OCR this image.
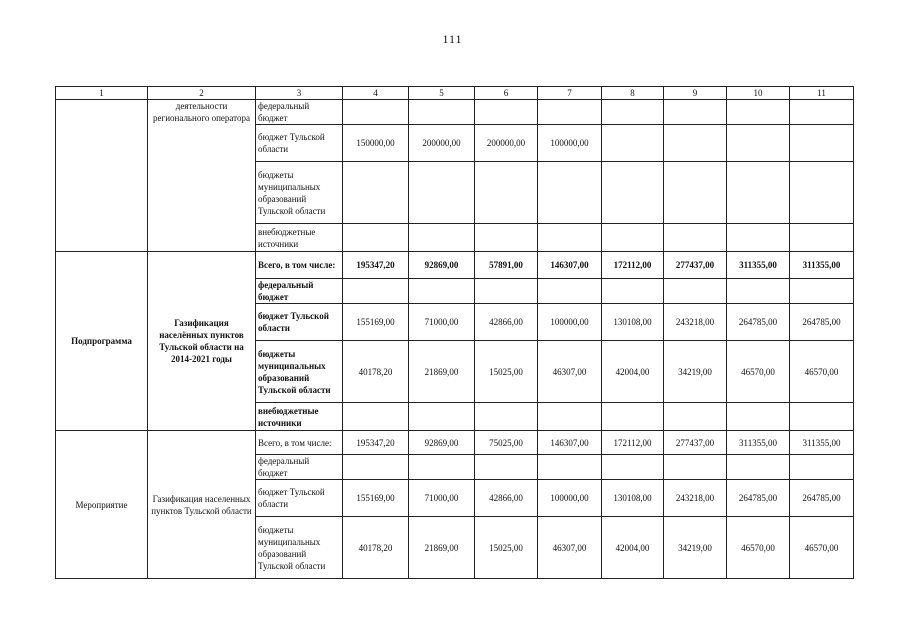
111
1	2	3	4	5	6	7	8	9	10	11
	деятельности регионального оператора	федеральный бюджет								
		бюджет Тульской области	150000,00	200000,00	200000,00	100000,00				
		бюджеты муниципальных образований Тульской области								
		внебюджетные источники								
Подпрограмма	Газификация населённых пунктов Тульской области на 2014-2021 годы	Всего, в том числе:	195347,20	92869,00	57891,00	146307,00	172112,00	277437,00	311355,00	311355,00
		федеральный бюджет								
		бюджет Тульской области	155169,00	71000,00	42866,00	100000,00	130108,00	243218,00	264785,00	264785,00
		бюджеты муниципальных образований Тульской области	40178,20	21869,00	15025,00	46307,00	42004,00	34219,00	46570,00	46570,00
		внебюджетные источники								
Мероприятие	Газификация населенных пунктов Тульской области	Всего, в том числе:	195347,20	92869,00	75025,00	146307,00	172112,00	277437,00	311355,00	311355,00
		федеральный бюджет								
		бюджет Тульской области	155169,00	71000,00	42866,00	100000,00	130108,00	243218,00	264785,00	264785,00
		бюджеты муниципальных образований Тульской области	40178,20	21869,00	15025,00	46307,00	42004,00	34219,00	46570,00	46570,00
